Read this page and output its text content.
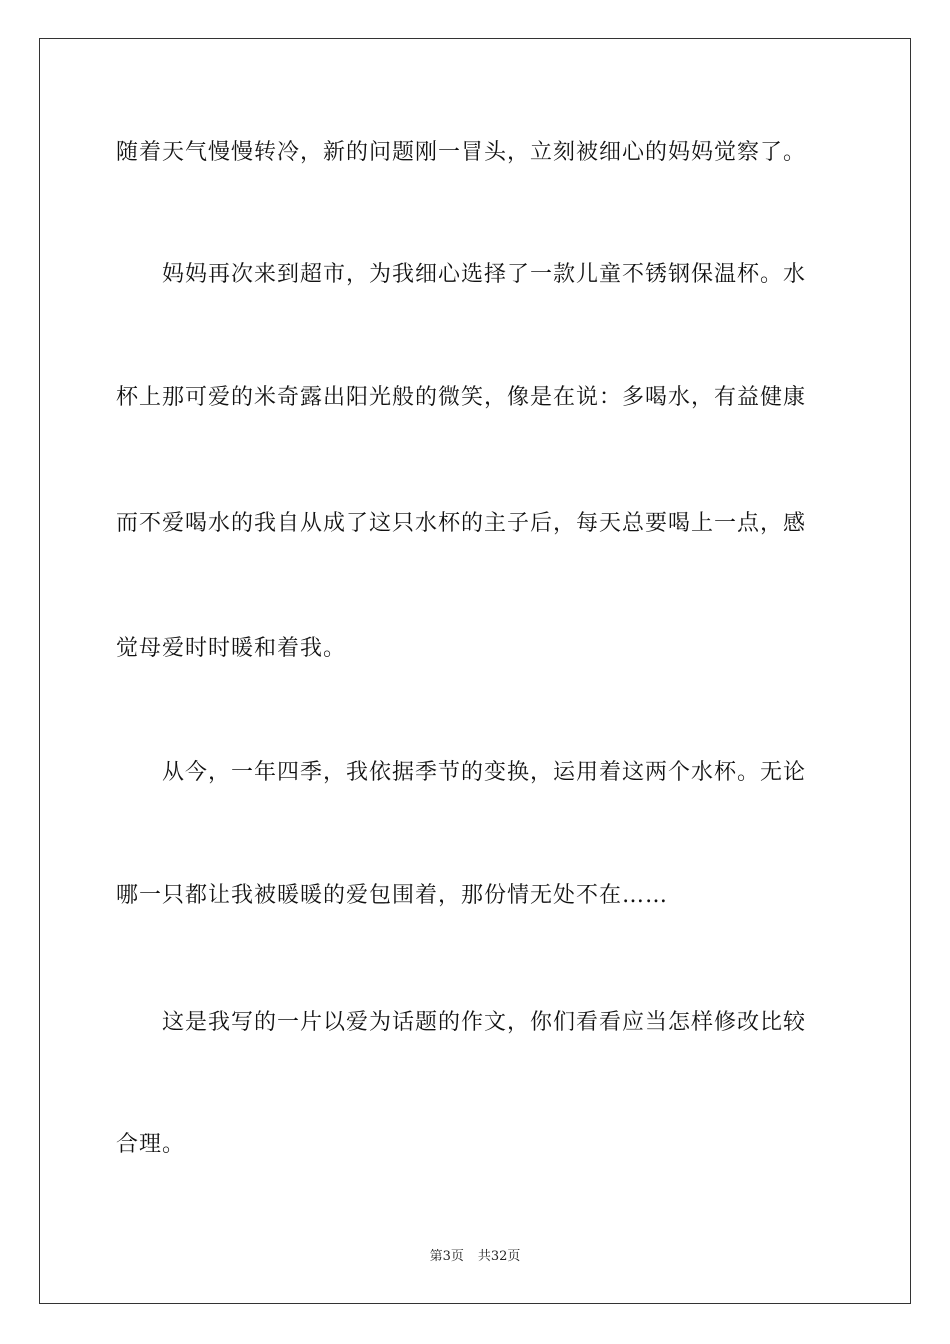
随着天气慢慢转冷，新的问题刚一冒头，立刻被细心的妈妈觉察了。
　　妈妈再次来到超市，为我细心选择了一款儿童不锈钢保温杯。水
杯上那可爱的米奇露出阳光般的微笑，像是在说：多喝水，有益健康
而不爱喝水的我自从成了这只水杯的主子后，每天总要喝上一点，感
觉母爱时时暖和着我。
　　从今，一年四季，我依据季节的变换，运用着这两个水杯。无论
哪一只都让我被暖暖的爱包围着，那份情无处不在……
　　这是我写的一片以爱为话题的作文，你们看看应当怎样修改比较
合理。
第3页 共32页
